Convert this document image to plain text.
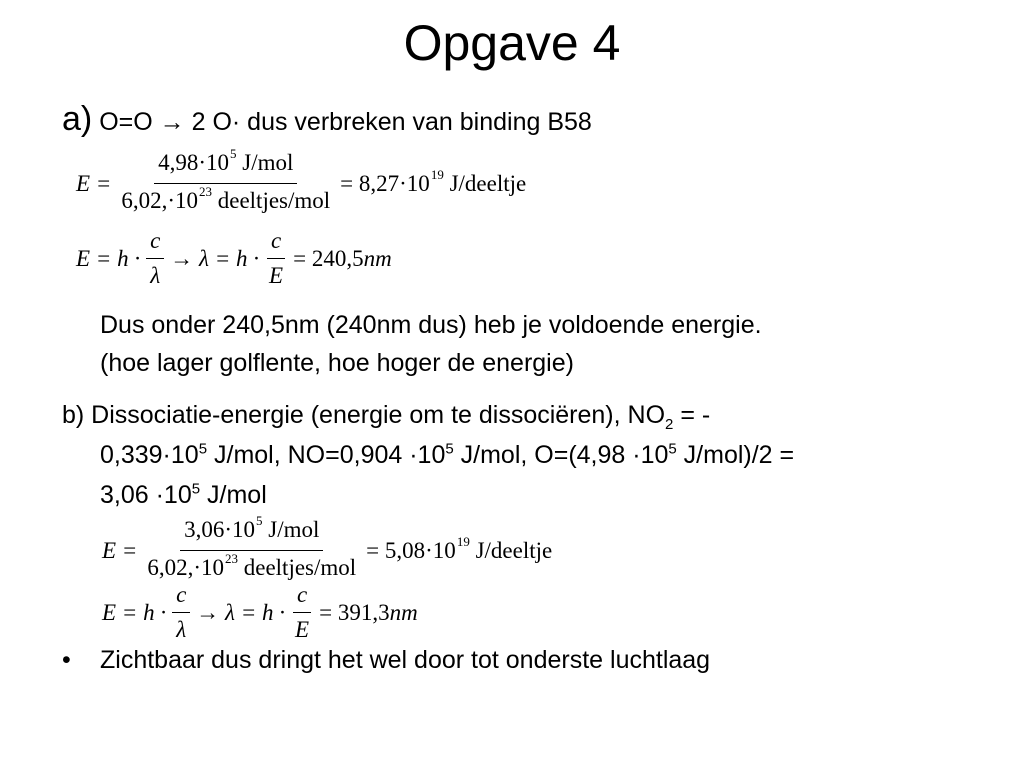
Opgave 4
a) O=O → 2 O· dus verbreken van binding B58
$E = \frac{4,98\cdot 10^5 J/mol}{6,02,\cdot 10^{23} deeltjes/mol} = 8,27\cdot 10^{19}$ J/deeltje
$E = h \cdot \frac{c}{\lambda} \to \lambda = h \cdot \frac{c}{E} = 240,5nm$
Dus onder 240,5nm (240nm dus) heb je voldoende energie.
(hoe lager golflente, hoe hoger de energie)
b) Dissociatie-energie (energie om te dissociëren), $NO_2$ = -
$0,339\cdot 10^5$ J/mol, $NO=0,904 \cdot 10^5$ J/mol, $O=(4,98 \cdot 10^5$ J/mol)/2 =
$3,06 \cdot 10^5$ J/mol
$E = \frac{3,06\cdot 10^5 J/mol}{6,02,\cdot 10^{23} deeltjes/mol} = 5,08\cdot 10^{19}$ J/deeltje
$E = h \cdot \frac{c}{\lambda} \to \lambda = h \cdot \frac{c}{E} = 391,3nm$
• Zichtbaar dus dringt het wel door tot onderste luchtlaag
